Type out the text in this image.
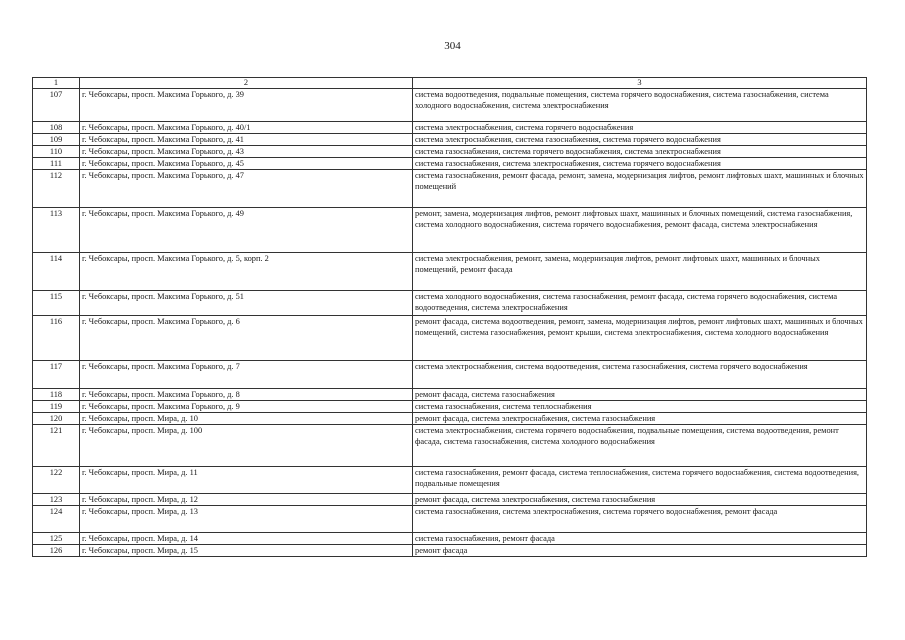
304
1	2	3
107	г. Чебоксары, просп. Максима Горького, д. 39	система водоотведения, подвальные помещения, система горячего водоснабжения, система газоснабжения, система холодного водоснабжения, система электроснабжения
108	г. Чебоксары, просп. Максима Горького, д. 40/1	система электроснабжения, система горячего водоснабжения
109	г. Чебоксары, просп. Максима Горького, д. 41	система электроснабжения, система газоснабжения, система горячего водоснабжения
110	г. Чебоксары, просп. Максима Горького, д. 43	система газоснабжения, система горячего водоснабжения, система электроснабжения
111	г. Чебоксары, просп. Максима Горького, д. 45	система газоснабжения, система электроснабжения, система горячего водоснабжения
112	г. Чебоксары, просп. Максима Горького, д. 47	система газоснабжения, ремонт фасада, ремонт, замена, модернизация лифтов, ремонт лифтовых шахт, машинных и блочных помещений
113	г. Чебоксары, просп. Максима Горького, д. 49	ремонт, замена, модернизация лифтов, ремонт лифтовых шахт, машинных и блочных помещений, система газоснабжения, система холодного водоснабжения, система горячего водоснабжения, ремонт фасада, система электроснабжения
114	г. Чебоксары, просп. Максима Горького, д. 5, корп. 2	система электроснабжения, ремонт, замена, модернизация лифтов, ремонт лифтовых шахт, машинных и блочных помещений, ремонт фасада
115	г. Чебоксары, просп. Максима Горького, д. 51	система холодного водоснабжения, система газоснабжения, ремонт фасада, система горячего водоснабжения, система водоотведения, система электроснабжения
116	г. Чебоксары, просп. Максима Горького, д. 6	ремонт фасада, система водоотведения, ремонт, замена, модернизация лифтов, ремонт лифтовых шахт, машинных и блочных помещений, система газоснабжения, ремонт крыши, система электроснабжения, система холодного водоснабжения
117	г. Чебоксары, просп. Максима Горького, д. 7	система электроснабжения, система водоотведения, система газоснабжения, система горячего водоснабжения
118	г. Чебоксары, просп. Максима Горького, д. 8	ремонт фасада, система газоснабжения
119	г. Чебоксары, просп. Максима Горького, д. 9	система газоснабжения, система теплоснабжения
120	г. Чебоксары, просп. Мира, д. 10	ремонт фасада, система электроснабжения, система газоснабжения
121	г. Чебоксары, просп. Мира, д. 100	система электроснабжения, система горячего водоснабжения, подвальные помещения, система водоотведения, ремонт фасада, система газоснабжения, система холодного водоснабжения
122	г. Чебоксары, просп. Мира, д. 11	система газоснабжения, ремонт фасада, система теплоснабжения, система горячего водоснабжения, система водоотведения, подвальные помещения
123	г. Чебоксары, просп. Мира, д. 12	ремонт фасада, система электроснабжения, система газоснабжения
124	г. Чебоксары, просп. Мира, д. 13	система газоснабжения, система электроснабжения, система горячего водоснабжения, ремонт фасада
125	г. Чебоксары, просп. Мира, д. 14	система газоснабжения, ремонт фасада
126	г. Чебоксары, просп. Мира, д. 15	ремонт фасада
